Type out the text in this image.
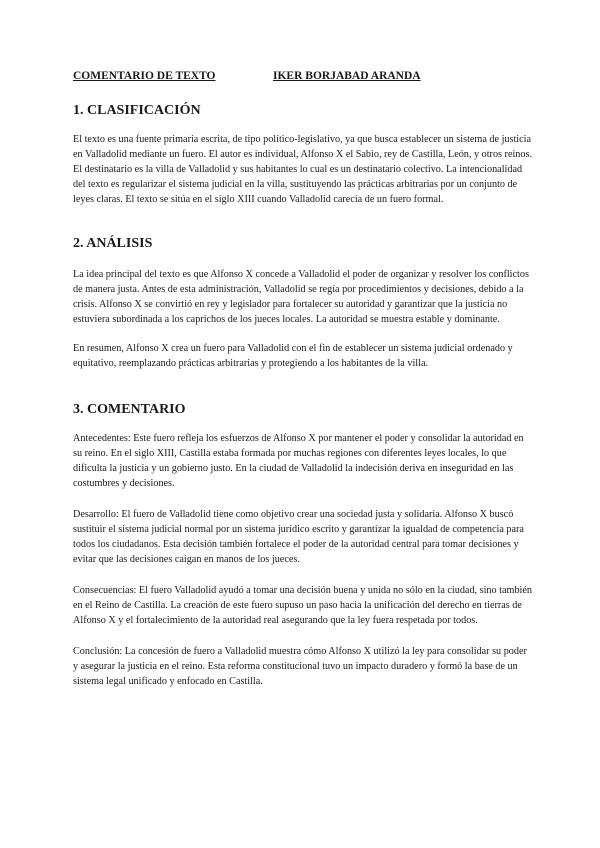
COMENTARIO DE TEXTO	IKER BORJABAD ARANDA
1. CLASIFICACIÓN

El texto es una fuente primaria escrita, de tipo político-legislativo, ya que busca establecer un sistema de justicia en Valladolid mediante un fuero. El autor es individual, Alfonso X el Sabio, rey de Castilla, León, y otros reinos. El destinatario es la villa de Valladolid y sus habitantes lo cual es un destinatario colectivo. La intencionalidad del texto es regularizar el sistema judicial en la villa, sustituyendo las prácticas arbitrarias por un conjunto de leyes claras. El texto se sitúa en el siglo XIII cuando Valladolid carecía de un fuero formal.

2. ANÁLISIS

La idea principal del texto es que Alfonso X concede a Valladolid el poder de organizar y resolver los conflictos de manera justa. Antes de esta administración, Valladolid se regía por procedimientos y decisiones, debido a la crisis. Alfonso X se convirtió en rey y legislador para fortalecer su autoridad y garantizar que la justicia no estuviera subordinada a los caprichos de los jueces locales. La autoridad se muestra estable y dominante.

En resumen, Alfonso X crea un fuero para Valladolid con el fin de establecer un sistema judicial ordenado y equitativo, reemplazando prácticas arbitrarias y protegiendo a los habitantes de la villa.

3. COMENTARIO

Antecedentes: Este fuero refleja los esfuerzos de Alfonso X por mantener el poder y consolidar la autoridad en su reino. En el siglo XIII, Castilla estaba formada por muchas regiones con diferentes leyes locales, lo que dificulta la justicia y un gobierno justo. En la ciudad de Valladolid la indecisión deriva en inseguridad en las costumbres y decisiones.

Desarrollo: El fuero de Valladolid tiene como objetivo crear una sociedad justa y solidaria. Alfonso X buscó sustituir el sistema judicial normal por un sistema jurídico escrito y garantizar la igualdad de competencia para todos los ciudadanos. Esta decisión también fortalece el poder de la autoridad central para tomar decisiones y evitar que las decisiones caigan en manos de los jueces.

Consecuencias: El fuero Valladolid ayudó a tomar una decisión buena y unida no sólo en la ciudad, sino también en el Reino de Castilla. La creación de este fuero supuso un paso hacia la unificación del derecho en tierras de Alfonso X y el fortalecimiento de la autoridad real asegurando que la ley fuera respetada por todos.

Conclusión: La concesión de fuero a Valladolid muestra cómo Alfonso X utilizó la ley para consolidar su poder y asegurar la justicia en el reino. Esta reforma constitucional tuvo un impacto duradero y formó la base de un sistema legal unificado y enfocado en Castilla.
